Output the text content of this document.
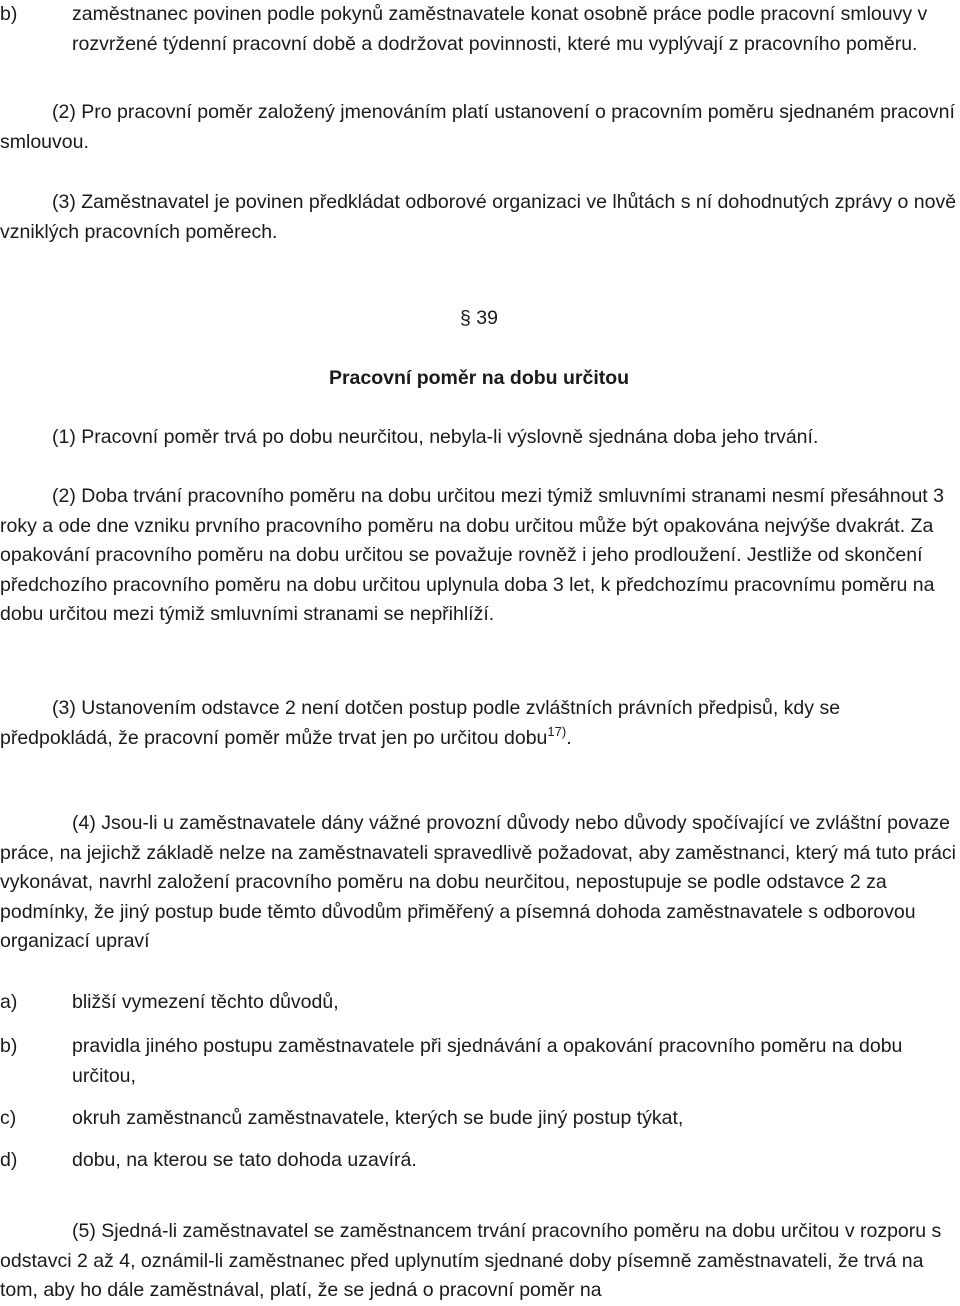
b)	zaměstnanec povinen podle pokynů zaměstnavatele konat osobně práce podle pracovní smlouvy v rozvržené týdenní pracovní době a dodržovat povinnosti, které mu vyplývají z pracovního poměru.

(2) Pro pracovní poměr založený jmenováním platí ustanovení o pracovním poměru sjednaném pracovní smlouvou.

(3) Zaměstnavatel je povinen předkládat odborové organizaci ve lhůtách s ní dohodnutých zprávy o nově vzniklých pracovních poměrech.

§ 39

Pracovní poměr na dobu určitou

(1) Pracovní poměr trvá po dobu neurčitou, nebyla-li výslovně sjednána doba jeho trvání.

(2) Doba trvání pracovního poměru na dobu určitou mezi týmiž smluvními stranami nesmí přesáhnout 3 roky a ode dne vzniku prvního pracovního poměru na dobu určitou může být opakována nejvýše dvakrát. Za opakování pracovního poměru na dobu určitou se považuje rovněž i jeho prodloužení. Jestliže od skončení předchozího pracovního poměru na dobu určitou uplynula doba 3 let, k předchozímu pracovnímu poměru na dobu určitou mezi týmiž smluvními stranami se nepřihlíží.

(3) Ustanovením odstavce 2 není dotčen postup podle zvláštních právních předpisů, kdy se předpokládá, že pracovní poměr může trvat jen po určitou dobu$^{17)}$.

(4) Jsou-li u zaměstnavatele dány vážné provozní důvody nebo důvody spočívající ve zvláštní povaze práce, na jejichž základě nelze na zaměstnavateli spravedlivě požadovat, aby zaměstnanci, který má tuto práci vykonávat, navrhl založení pracovního poměru na dobu neurčitou, nepostupuje se podle odstavce 2 za podmínky, že jiný postup bude těmto důvodům přiměřený a písemná dohoda zaměstnavatele s odborovou organizací upraví

a)	bližší vymezení těchto důvodů,
b)	pravidla jiného postupu zaměstnavatele při sjednávání a opakování pracovního poměru na dobu určitou,
c)	okruh zaměstnanců zaměstnavatele, kterých se bude jiný postup týkat,
d)	dobu, na kterou se tato dohoda uzavírá.

(5) Sjedná-li zaměstnavatel se zaměstnancem trvání pracovního poměru na dobu určitou v rozporu s odstavci 2 až 4, oznámil-li zaměstnanec před uplynutím sjednané doby písemně zaměstnavateli, že trvá na tom, aby ho dále zaměstnával, platí, že se jedná o pracovní poměr na
